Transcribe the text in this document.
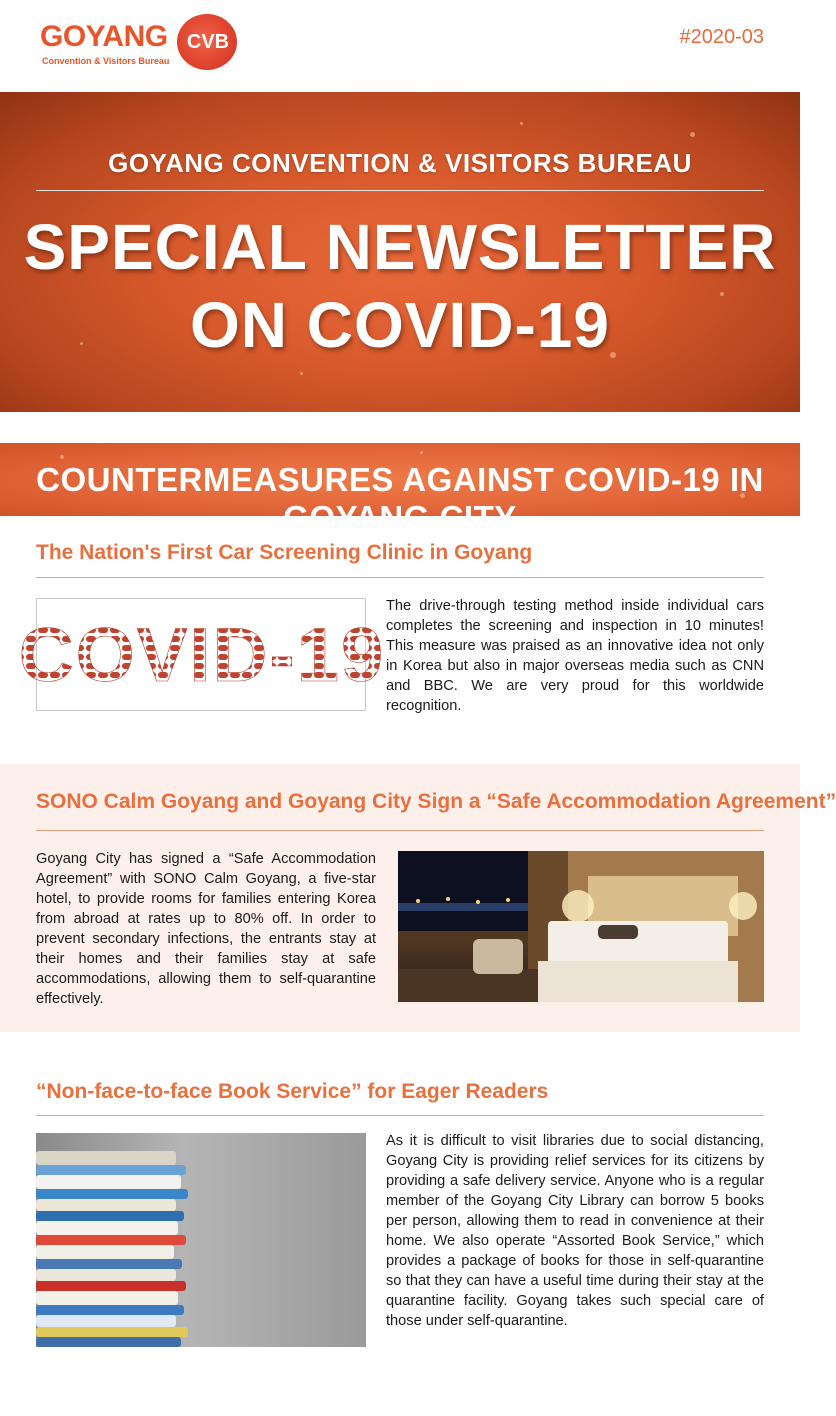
GOYANG CVB
Convention & Visitors Bureau
#2020-03
GOYANG CONVENTION & VISITORS BUREAU
SPECIAL NEWSLETTER
ON COVID-19
COUNTERMEASURES AGAINST COVID-19 IN GOYANG CITY
The Nation's First Car Screening Clinic in Goyang
COVID-19
The drive-through testing method inside individual cars completes the screening and inspection in 10 minutes! This measure was praised as an innovative idea not only in Korea but also in major overseas media such as CNN and BBC. We are very proud for this worldwide recognition.
SONO Calm Goyang and Goyang City Sign a “Safe Accommodation Agreement”
Goyang City has signed a “Safe Accommodation Agreement” with SONO Calm Goyang, a five-star hotel, to provide rooms for families entering Korea from abroad at rates up to 80% off. In order to prevent secondary infections, the entrants stay at their homes and their families stay at safe accommodations, allowing them to self-quarantine effectively.
“Non-face-to-face Book Service” for Eager Readers
As it is difficult to visit libraries due to social distancing, Goyang City is providing relief services for its citizens by providing a safe delivery service. Anyone who is a regular member of the Goyang City Library can borrow 5 books per person, allowing them to read in convenience at their home. We also operate “Assorted Book Service,” which provides a package of books for those in self-quarantine so that they can have a useful time during their stay at the quarantine facility. Goyang takes such special care of those under self-quarantine.
